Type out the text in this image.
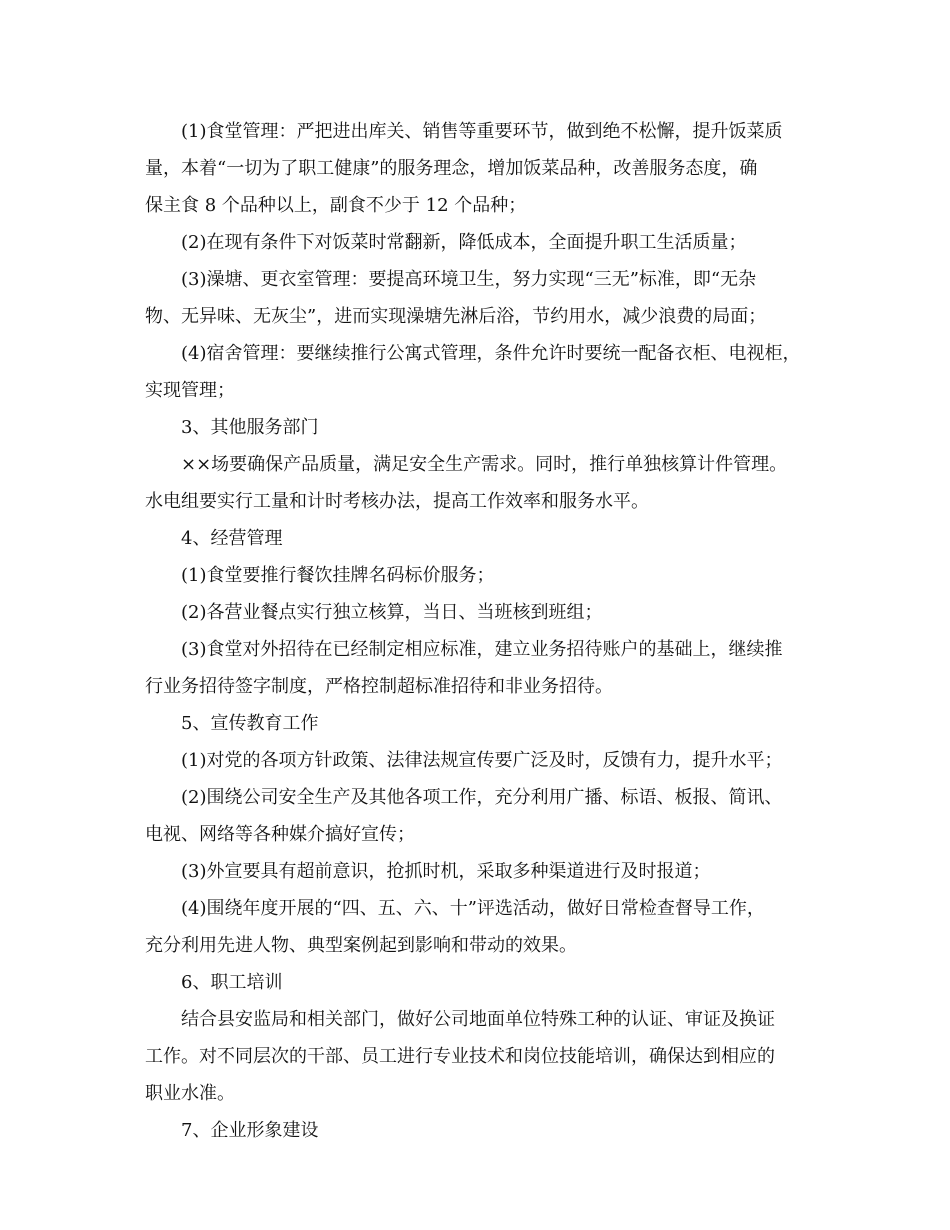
(1)食堂管理：严把进出库关、销售等重要环节，做到绝不松懈，提升饭菜质
量，本着“一切为了职工健康”的服务理念，增加饭菜品种，改善服务态度，确
保主食 8 个品种以上，副食不少于 12 个品种；
(2)在现有条件下对饭菜时常翻新，降低成本，全面提升职工生活质量；
(3)澡塘、更衣室管理：要提高环境卫生，努力实现“三无”标准，即“无杂
物、无异味、无灰尘”，进而实现澡塘先淋后浴，节约用水，减少浪费的局面；
(4)宿舍管理：要继续推行公寓式管理，条件允许时要统一配备衣柜、电视柜，
实现管理；
3、其他服务部门
××场要确保产品质量，满足安全生产需求。同时，推行单独核算计件管理。
水电组要实行工量和计时考核办法，提高工作效率和服务水平。
4、经营管理
(1)食堂要推行餐饮挂牌名码标价服务；
(2)各营业餐点实行独立核算，当日、当班核到班组；
(3)食堂对外招待在已经制定相应标准，建立业务招待账户的基础上，继续推
行业务招待签字制度，严格控制超标准招待和非业务招待。
5、宣传教育工作
(1)对党的各项方针政策、法律法规宣传要广泛及时，反馈有力，提升水平；
(2)围绕公司安全生产及其他各项工作，充分利用广播、标语、板报、简讯、
电视、网络等各种媒介搞好宣传；
(3)外宣要具有超前意识，抢抓时机，采取多种渠道进行及时报道；
(4)围绕年度开展的“四、五、六、十”评选活动，做好日常检查督导工作，
充分利用先进人物、典型案例起到影响和带动的效果。
6、职工培训
结合县安监局和相关部门，做好公司地面单位特殊工种的认证、审证及换证
工作。对不同层次的干部、员工进行专业技术和岗位技能培训，确保达到相应的
职业水准。
7、企业形象建设
